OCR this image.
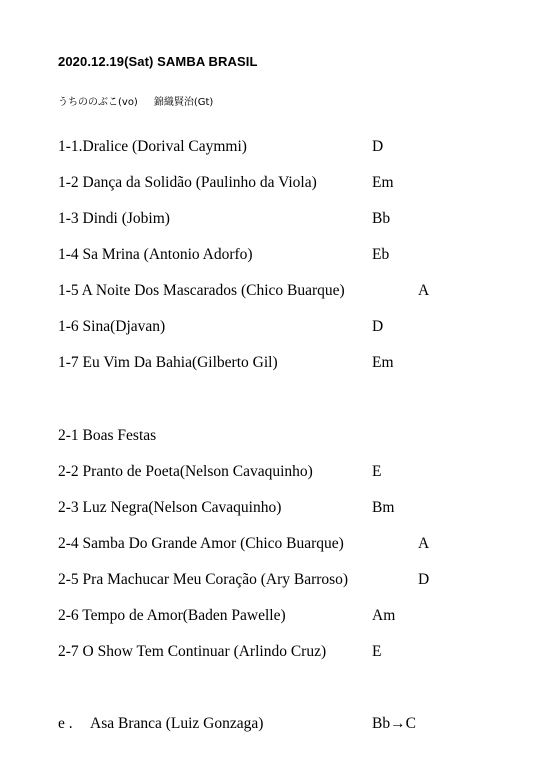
2020.12.19(Sat) SAMBA BRASIL
うちののぶこ(vo) 錦織賢治(Gt)
1-1.Dralice (Dorival Caymmi)	D
1-2 Dança da Solidão (Paulinho da Viola)	Em
1-3 Dindi (Jobim)	Bb
1-4 Sa Mrina (Antonio Adorfo)	Eb
1-5 A Noite Dos Mascarados (Chico Buarque)	A
1-6 Sina(Djavan)	D
1-7 Eu Vim Da Bahia(Gilberto Gil)	Em
2-1 Boas Festas
2-2 Pranto de Poeta(Nelson Cavaquinho)	E
2-3 Luz Negra(Nelson Cavaquinho)	Bm
2-4 Samba Do Grande Amor (Chico Buarque)	A
2-5 Pra Machucar Meu Coração (Ary Barroso)	D
2-6 Tempo de Amor(Baden Pawelle)	Am
2-7 O Show Tem Continuar (Arlindo Cruz)	E
e . Asa Branca (Luiz Gonzaga)	Bb→C
